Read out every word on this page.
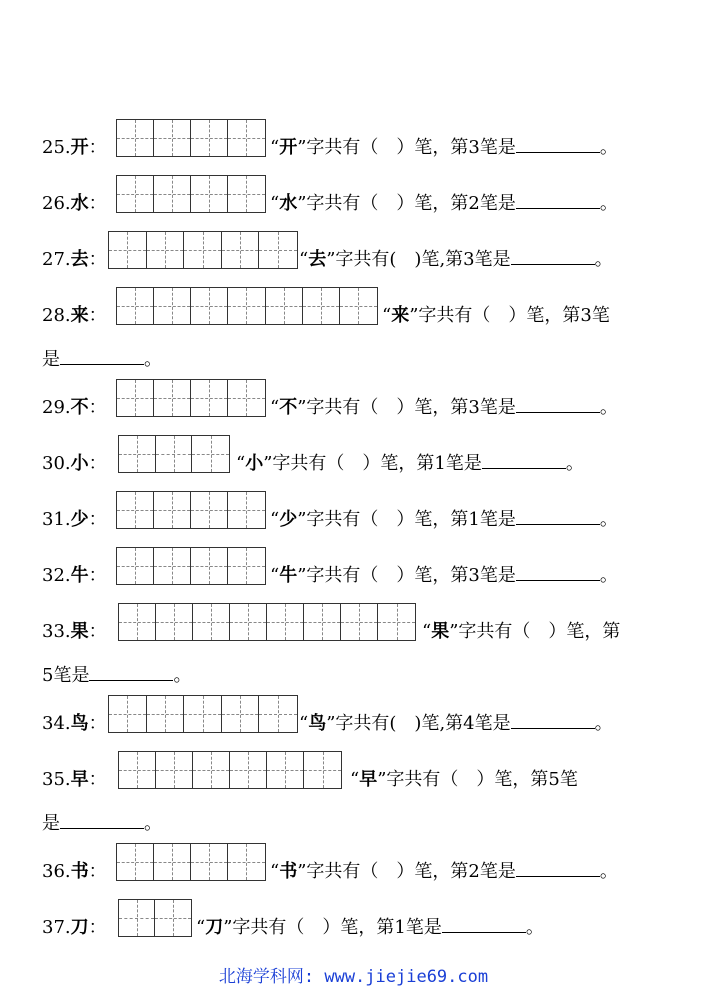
25.开：	“开”字共有（　）笔，第3笔是	。
26.水：	“水”字共有（　）笔，第2笔是	。
27.去：	“去”字共有(　)笔,第3笔是	。
28.来：	“来”字共有（　）笔，第3笔
是	。
29.不：	“不”字共有（　）笔，第3笔是	。
30.小：	“小”字共有（　）笔，第1笔是	。
31.少：	“少”字共有（　）笔，第1笔是	。
32.牛：	“牛”字共有（　）笔，第3笔是	。
33.果：	“果”字共有（　）笔，第
5笔是	。
34.鸟：	“鸟”字共有(　)笔,第4笔是	。
35.早：	“早”字共有（　）笔，第5笔
是	。
36.书：	“书”字共有（　）笔，第2笔是	。
37.刀：	“刀”字共有（　）笔，第1笔是	。
北海学科网: www.jiejie69.com
